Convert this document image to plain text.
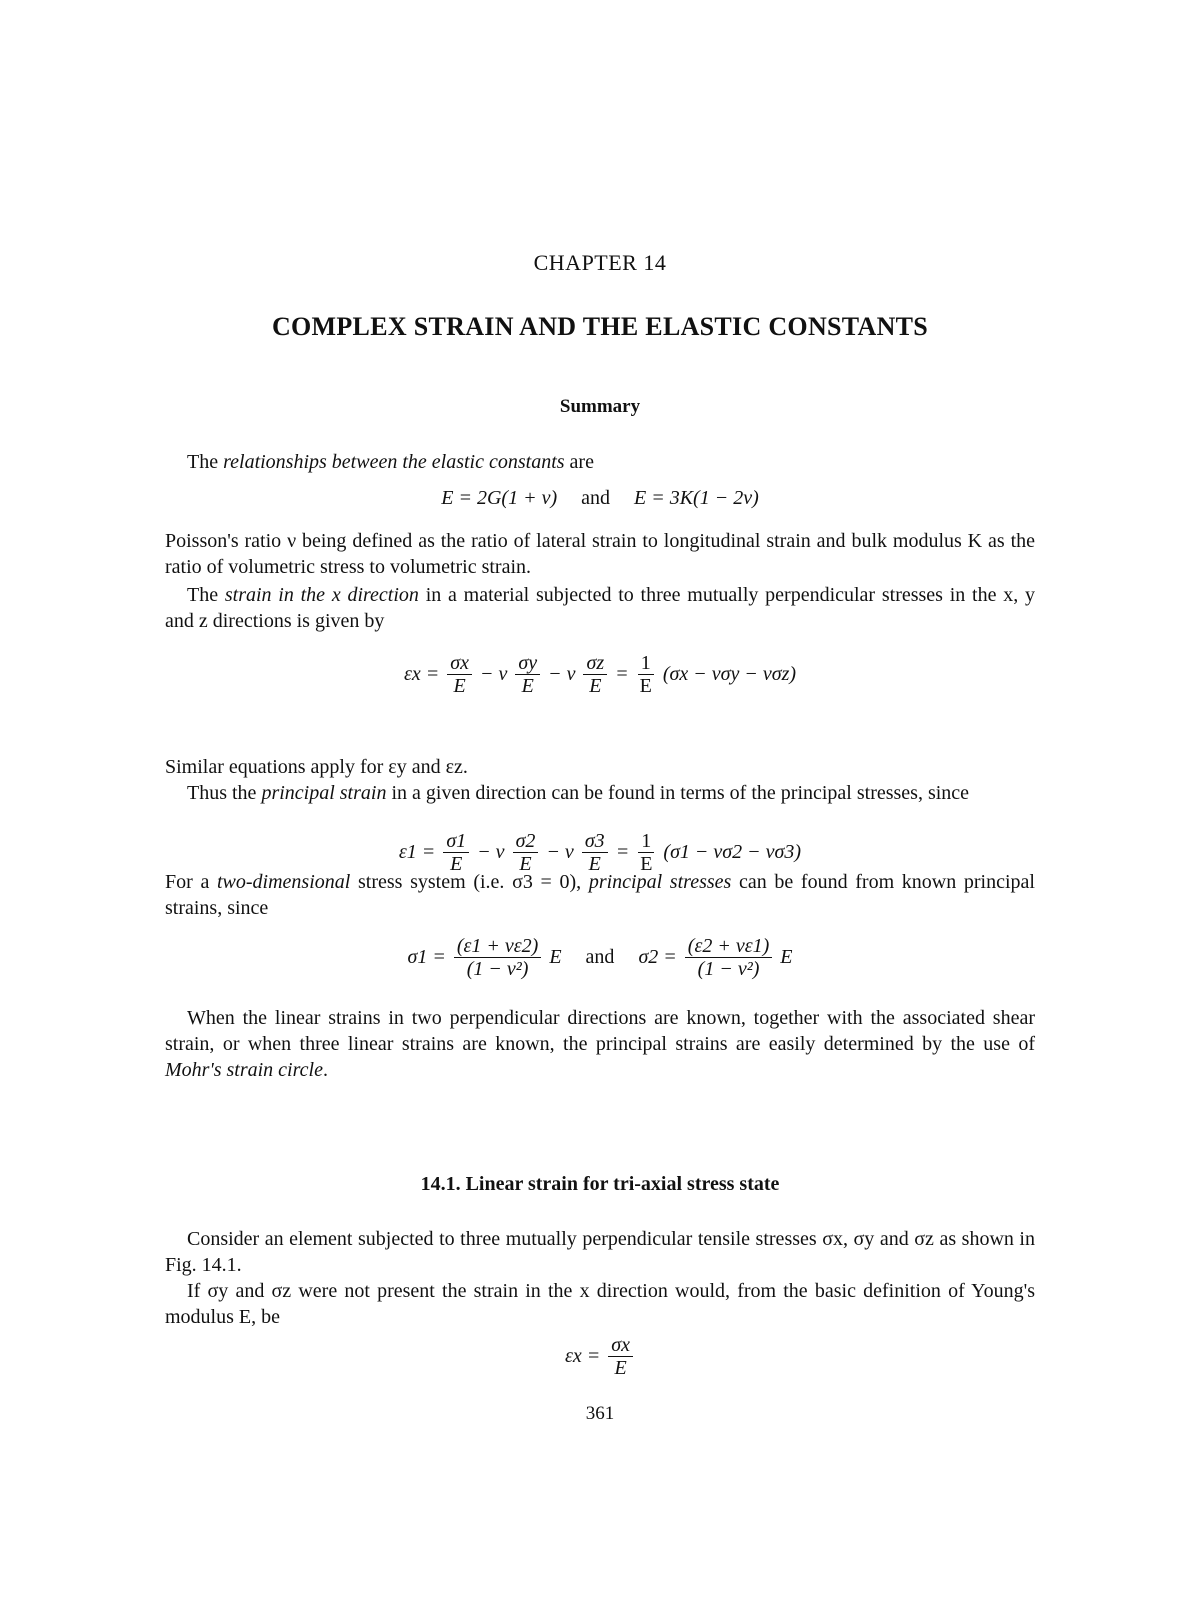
CHAPTER 14
COMPLEX STRAIN AND THE ELASTIC CONSTANTS
Summary
The relationships between the elastic constants are
E = 2G(1 + ν) and E = 3K(1 − 2ν)
Poisson's ratio ν being defined as the ratio of lateral strain to longitudinal strain and bulk modulus K as the ratio of volumetric stress to volumetric strain.
The strain in the x direction in a material subjected to three mutually perpendicular stresses in the x, y and z directions is given by
$\varepsilon x = \frac{\sigma x}{E} - \nu \frac{\sigma y}{E} - \nu \frac{\sigma z}{E} = \frac{1}{E} (\sigma x - \nu\sigma y - \nu\sigma z)$
Similar equations apply for εy and εz.
Thus the principal strain in a given direction can be found in terms of the principal stresses, since
$\varepsilon 1 = \frac{\sigma 1}{E} - \nu \frac{\sigma 2}{E} - \nu \frac{\sigma 3}{E} = \frac{1}{E} (\sigma 1 - \nu\sigma 2 - \nu\sigma 3)$
For a two-dimensional stress system (i.e. σ3 = 0), principal stresses can be found from known principal strains, since
$\sigma 1 = \frac{(\varepsilon 1 + \nu\varepsilon 2)}{\text{(1 − ν²)}}$ E and $\sigma 2 = \frac{(\varepsilon 2 + \nu\varepsilon 1)}{\text{(1 − ν²)}}$ E
When the linear strains in two perpendicular directions are known, together with the associated shear strain, or when three linear strains are known, the principal strains are easily determined by the use of Mohr's strain circle.
14.1. Linear strain for tri-axial stress state
Consider an element subjected to three mutually perpendicular tensile stresses σx, σy and σz as shown in Fig. 14.1.
If σy and σz were not present the strain in the x direction would, from the basic definition of Young's modulus E, be
$\varepsilon x = \frac{\sigma x}{E}$
361
